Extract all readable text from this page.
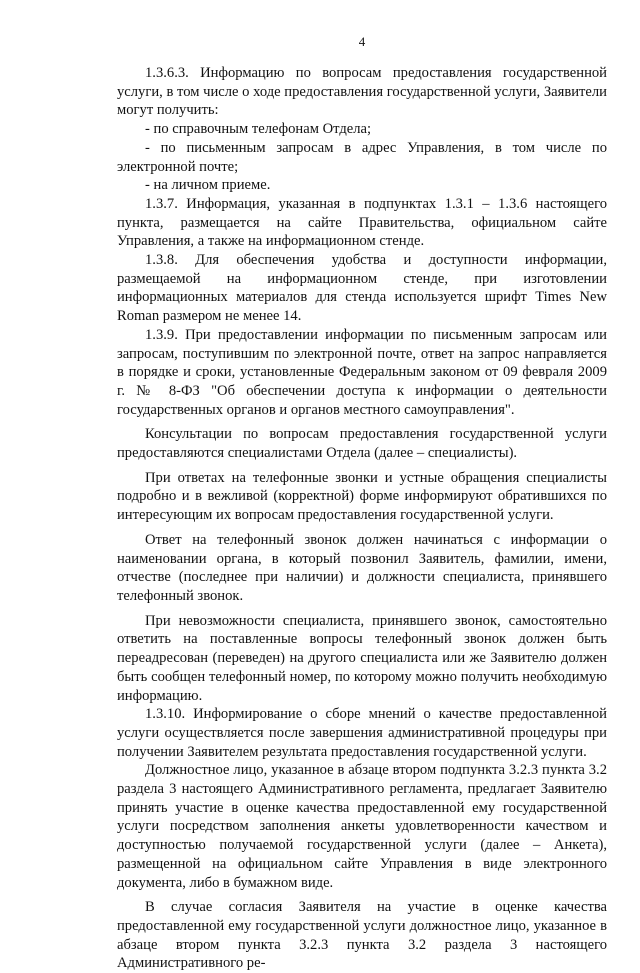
4

1.3.6.3. Информацию по вопросам предоставления государственной услуги, в том числе о ходе предоставления государственной услуги, Заявители могут получить:

- по справочным телефонам Отдела;

- по письменным запросам в адрес Управления, в том числе по электронной почте;

- на личном приеме.

1.3.7. Информация, указанная в подпунктах 1.3.1 – 1.3.6 настоящего пункта, размещается на сайте Правительства, официальном сайте Управления, а также на информационном стенде.

1.3.8. Для обеспечения удобства и доступности информации, размещаемой на информационном стенде, при изготовлении информационных материалов для стенда используется шрифт Times New Roman размером не менее 14.

1.3.9. При предоставлении информации по письменным запросам или запросам, поступившим по электронной почте, ответ на запрос направляется в порядке и сроки, установленные Федеральным законом от 09 февраля 2009 г. № 8-ФЗ "Об обеспечении доступа к информации о деятельности государственных органов и органов местного самоуправления".

Консультации по вопросам предоставления государственной услуги предоставляются специалистами Отдела (далее – специалисты).

При ответах на телефонные звонки и устные обращения специалисты подробно и в вежливой (корректной) форме информируют обратившихся по интересующим их вопросам предоставления государственной услуги.

Ответ на телефонный звонок должен начинаться с информации о наименовании органа, в который позвонил Заявитель, фамилии, имени, отчестве (последнее при наличии) и должности специалиста, принявшего телефонный звонок.

При невозможности специалиста, принявшего звонок, самостоятельно ответить на поставленные вопросы телефонный звонок должен быть переадресован (переведен) на другого специалиста или же Заявителю должен быть сообщен телефонный номер, по которому можно получить необходимую информацию.

1.3.10. Информирование о сборе мнений о качестве предоставленной услуги осуществляется после завершения административной процедуры при получении Заявителем результата предоставления государственной услуги.

Должностное лицо, указанное в абзаце втором подпункта 3.2.3 пункта 3.2 раздела 3 настоящего Административного регламента, предлагает Заявителю принять участие в оценке качества предоставленной ему государственной услуги посредством заполнения анкеты удовлетворенности качеством и доступностью получаемой государственной услуги (далее – Анкета), размещенной на официальном сайте Управления в виде электронного документа, либо в бумажном виде.

В случае согласия Заявителя на участие в оценке качества предоставленной ему государственной услуги должностное лицо, указанное в абзаце втором пункта 3.2.3 пункта 3.2 раздела 3 настоящего Административного ре-
